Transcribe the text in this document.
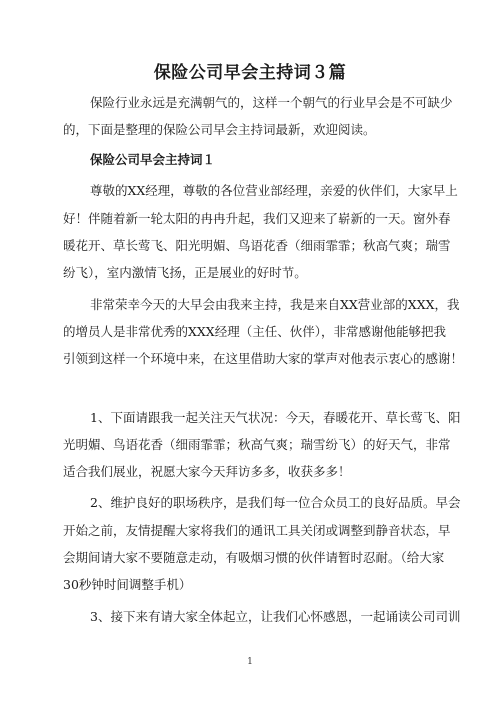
保险公司早会主持词３篇
保险行业永远是充满朝气的，这样一个朝气的行业早会是不可缺少
的，下面是整理的保险公司早会主持词最新，欢迎阅读。
保险公司早会主持词１
尊敬的XX经理，尊敬的各位营业部经理，亲爱的伙伴们，大家早上
好！伴随着新一轮太阳的冉冉升起，我们又迎来了崭新的一天。窗外春
暖花开、草长莺飞、阳光明媚、鸟语花香（细雨霏霏；秋高气爽；瑞雪
纷飞），室内激情飞扬，正是展业的好时节。
非常荣幸今天的大早会由我来主持，我是来自XX营业部的XXX，我
的增员人是非常优秀的XXX经理（主任、伙伴），非常感谢他能够把我
引领到这样一个环境中来，在这里借助大家的掌声对他表示衷心的感谢！
1、下面请跟我一起关注天气状况：今天，春暖花开、草长莺飞、阳
光明媚、鸟语花香（细雨霏霏；秋高气爽；瑞雪纷飞）的好天气，非常
适合我们展业，祝愿大家今天拜访多多，收获多多！
2、维护良好的职场秩序，是我们每一位合众员工的良好品质。早会
开始之前，友情提醒大家将我们的通讯工具关闭或调整到静音状态，早
会期间请大家不要随意走动，有吸烟习惯的伙伴请暂时忍耐。（给大家
30秒钟时间调整手机）
3、接下来有请大家全体起立，让我们心怀感恩，一起诵读公司司训
1
